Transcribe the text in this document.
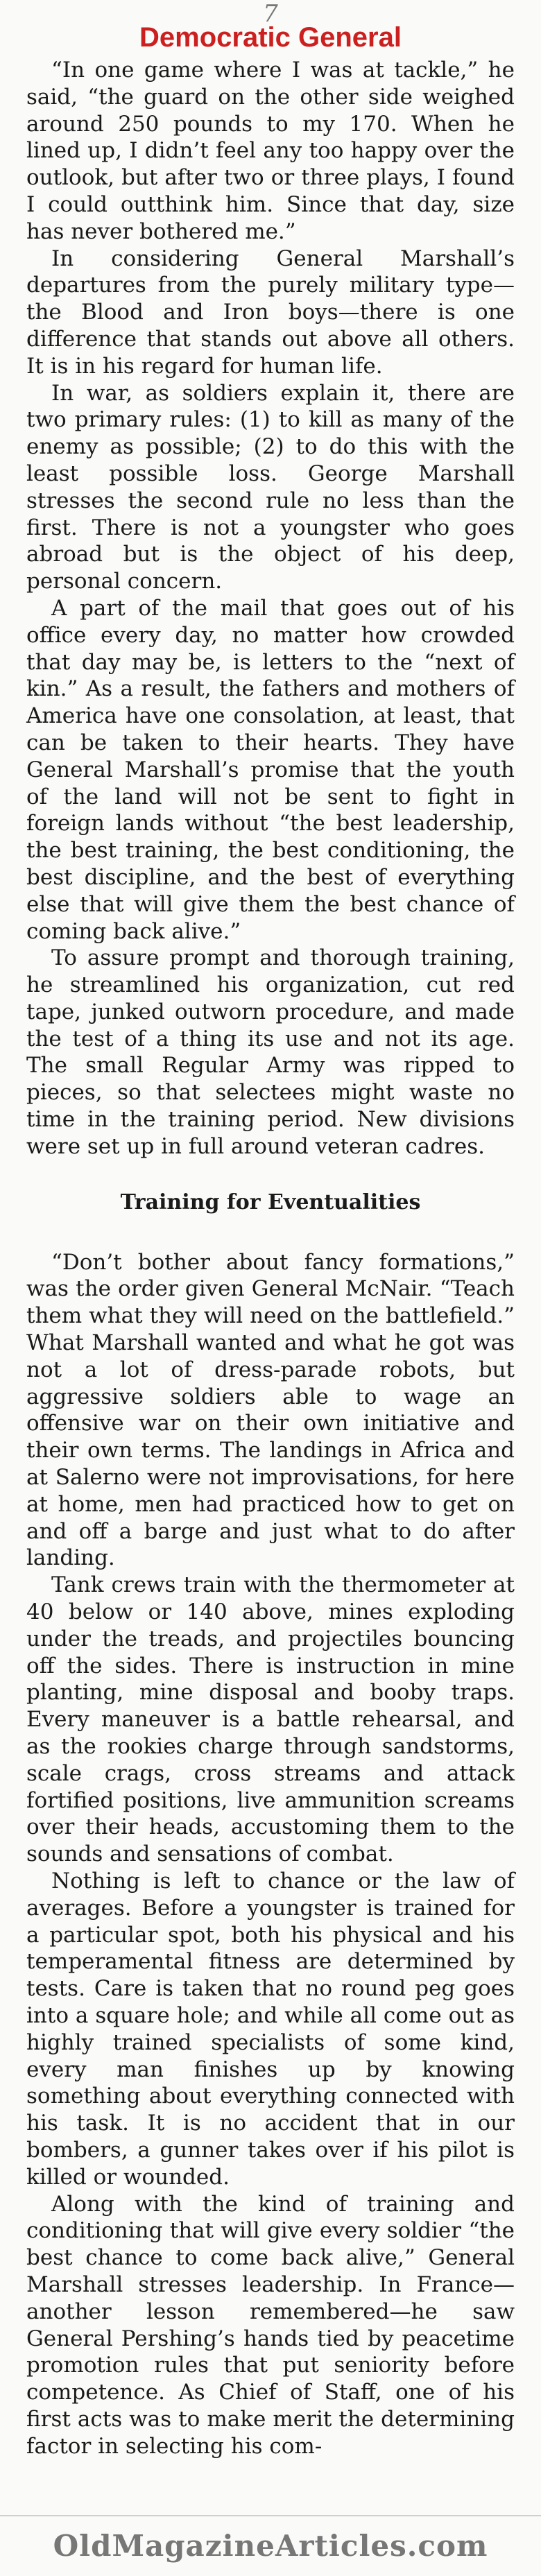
7
Democratic General

“In one game where I was at tackle,” he said, “the guard on the other side weighed around 250 pounds to my 170. When he lined up, I didn’t feel any too happy over the outlook, but after two or three plays, I found I could outthink him. Since that day, size has never bothered me.”

In considering General Marshall’s departures from the purely military type—the Blood and Iron boys—there is one difference that stands out above all others. It is in his regard for human life.

In war, as soldiers explain it, there are two primary rules: (1) to kill as many of the enemy as possible; (2) to do this with the least possible loss. George Marshall stresses the second rule no less than the first. There is not a youngster who goes abroad but is the object of his deep, personal concern.

A part of the mail that goes out of his office every day, no matter how crowded that day may be, is letters to the “next of kin.” As a result, the fathers and mothers of America have one consolation, at least, that can be taken to their hearts. They have General Marshall’s promise that the youth of the land will not be sent to fight in foreign lands without “the best leadership, the best training, the best conditioning, the best discipline, and the best of everything else that will give them the best chance of coming back alive.”

To assure prompt and thorough training, he streamlined his organization, cut red tape, junked outworn procedure, and made the test of a thing its use and not its age. The small Regular Army was ripped to pieces, so that selectees might waste no time in the training period. New divisions were set up in full around veteran cadres.

Training for Eventualities

“Don’t bother about fancy formations,” was the order given General McNair. “Teach them what they will need on the battlefield.” What Marshall wanted and what he got was not a lot of dress-parade robots, but aggressive soldiers able to wage an offensive war on their own initiative and their own terms. The landings in Africa and at Salerno were not improvisations, for here at home, men had practiced how to get on and off a barge and just what to do after landing.

Tank crews train with the thermometer at 40 below or 140 above, mines exploding under the treads, and projectiles bouncing off the sides. There is instruction in mine planting, mine disposal and booby traps. Every maneuver is a battle rehearsal, and as the rookies charge through sandstorms, scale crags, cross streams and attack fortified positions, live ammunition screams over their heads, accustoming them to the sounds and sensations of combat.

Nothing is left to chance or the law of averages. Before a youngster is trained for a particular spot, both his physical and his temperamental fitness are determined by tests. Care is taken that no round peg goes into a square hole; and while all come out as highly trained specialists of some kind, every man finishes up by knowing something about everything connected with his task. It is no accident that in our bombers, a gunner takes over if his pilot is killed or wounded.

Along with the kind of training and conditioning that will give every soldier “the best chance to come back alive,” General Marshall stresses leadership. In France—another lesson remembered—he saw General Pershing’s hands tied by peacetime promotion rules that put seniority before competence. As Chief of Staff, one of his first acts was to make merit the determining factor in selecting his com-

OldMagazineArticles.com
